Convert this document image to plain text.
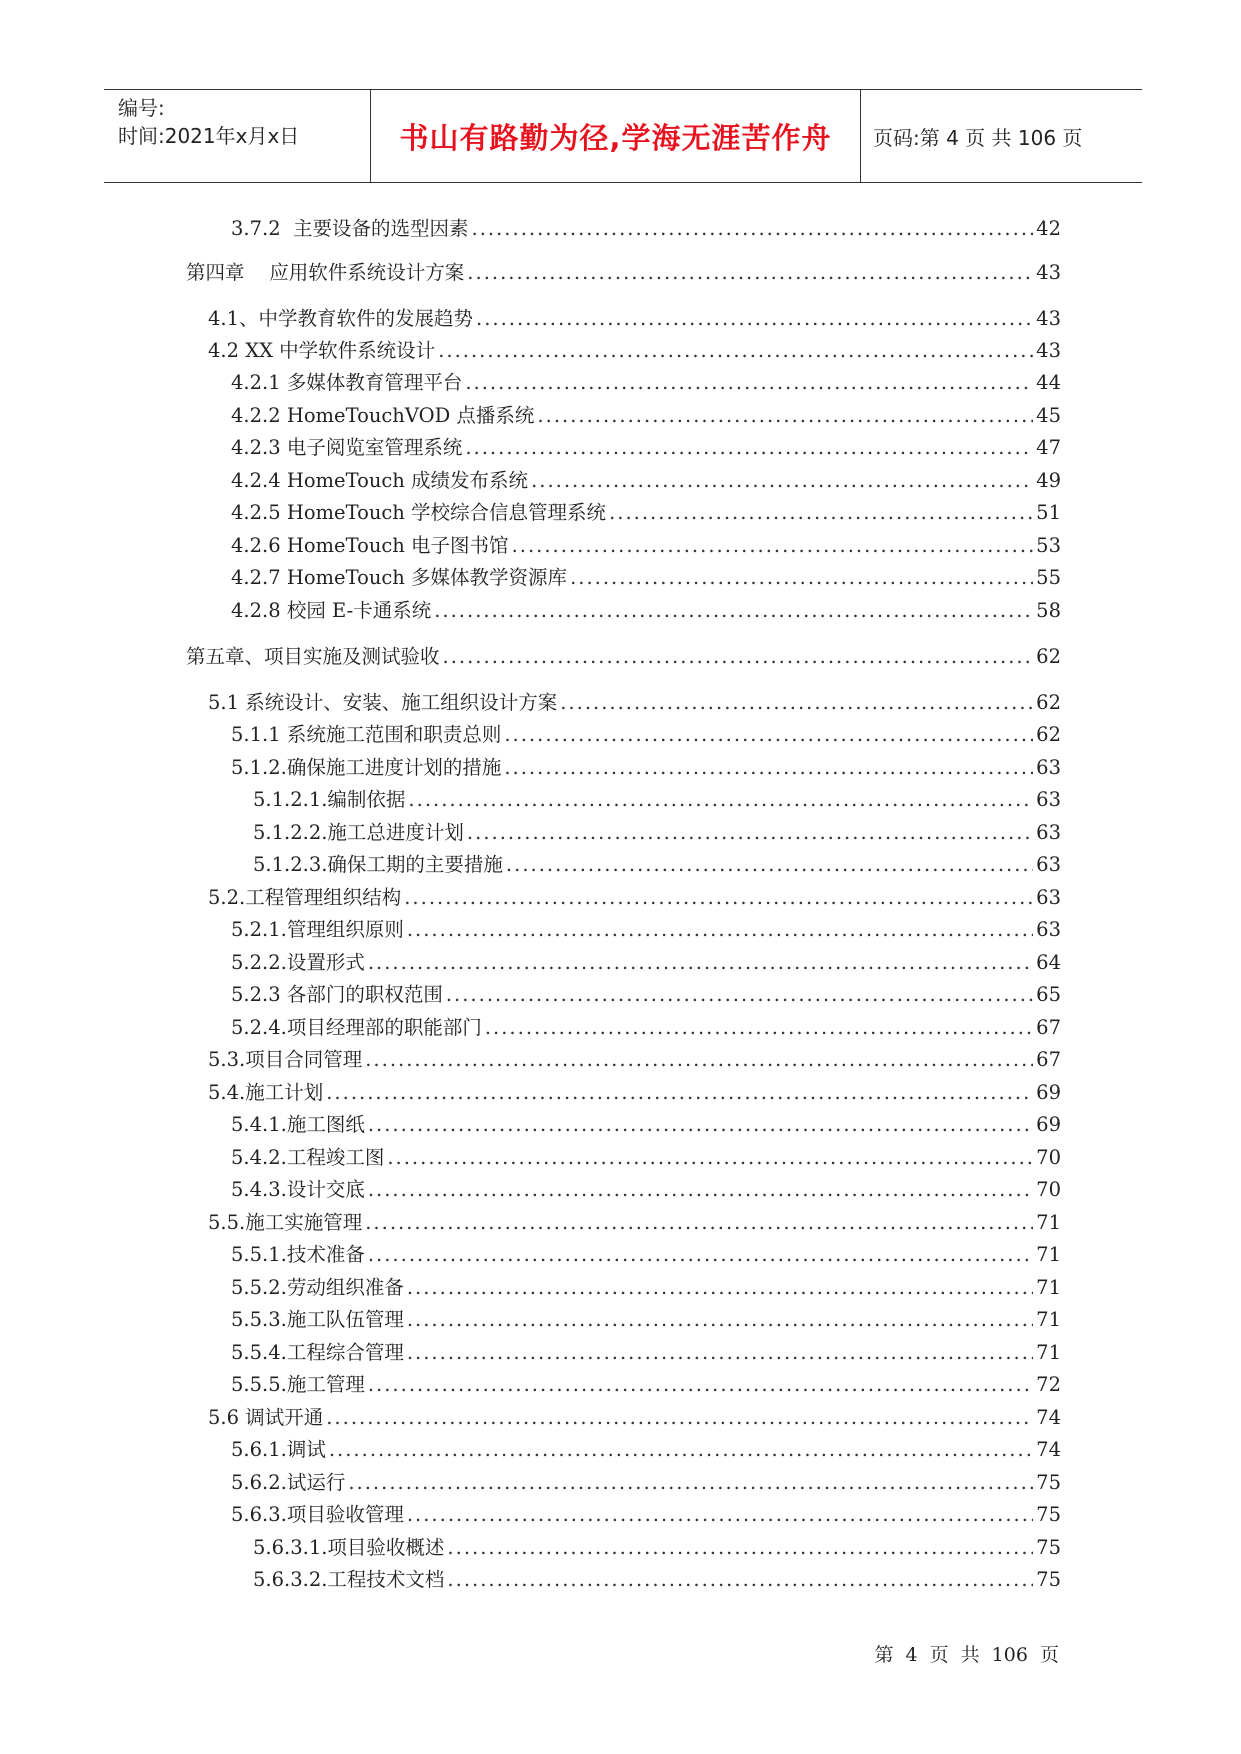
编号:
时间:2021年x月x日	书山有路勤为径,学海无涯苦作舟	页码:第 4 页 共 106 页
3.7.2  主要设备的选型因素 .....	42
第四章    应用软件系统设计方案 .....	43
4.1、中学教育软件的发展趋势 .....	43
4.2 XX 中学软件系统设计 .....	43
4.2.1 多媒体教育管理平台 .....	44
4.2.2 HomeTouchVOD 点播系统 .....	45
4.2.3 电子阅览室管理系统 .....	47
4.2.4 HomeTouch 成绩发布系统 .....	49
4.2.5 HomeTouch 学校综合信息管理系统 .....	51
4.2.6 HomeTouch 电子图书馆 .....	53
4.2.7 HomeTouch 多媒体教学资源库 .....	55
4.2.8 校园 E-卡通系统 .....	58
第五章、项目实施及测试验收 .....	62
5.1 系统设计、安装、施工组织设计方案 .....	62
5.1.1 系统施工范围和职责总则 .....	62
5.1.2.确保施工进度计划的措施 .....	63
5.1.2.1.编制依据 .....	63
5.1.2.2.施工总进度计划 .....	63
5.1.2.3.确保工期的主要措施 .....	63
5.2.工程管理组织结构 .....	63
5.2.1.管理组织原则 .....	63
5.2.2.设置形式 .....	64
5.2.3 各部门的职权范围 .....	65
5.2.4.项目经理部的职能部门 .....	67
5.3.项目合同管理 .....	67
5.4.施工计划 .....	69
5.4.1.施工图纸 .....	69
5.4.2.工程竣工图 .....	70
5.4.3.设计交底 .....	70
5.5.施工实施管理 .....	71
5.5.1.技术准备 .....	71
5.5.2.劳动组织准备 .....	71
5.5.3.施工队伍管理 .....	71
5.5.4.工程综合管理 .....	71
5.5.5.施工管理 .....	72
5.6 调试开通 .....	74
5.6.1.调试 .....	74
5.6.2.试运行 .....	75
5.6.3.项目验收管理 .....	75
5.6.3.1.项目验收概述 .....	75
5.6.3.2.工程技术文档 .....	75
第 4 页 共 106 页
